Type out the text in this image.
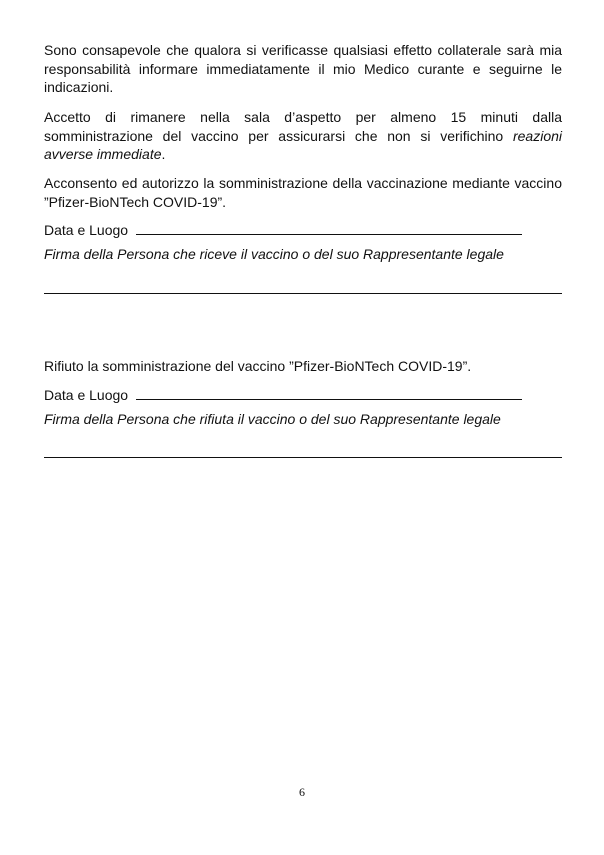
Sono consapevole che qualora si verificasse qualsiasi effetto collaterale sarà mia responsabilità informare immediatamente il mio Medico curante e seguirne le indicazioni.

Accetto di rimanere nella sala d’aspetto per almeno 15 minuti dalla somministrazione del vaccino per assicurarsi che non si verifichino reazioni avverse immediate.

Acconsento ed autorizzo la somministrazione della vaccinazione mediante vaccino ”Pfizer-BioNTech COVID-19”.

Data e Luogo

Firma della Persona che riceve il vaccino o del suo Rappresentante legale

Rifiuto la somministrazione del vaccino ”Pfizer-BioNTech COVID-19”.

Data e Luogo

Firma della Persona che rifiuta il vaccino o del suo Rappresentante legale

6
